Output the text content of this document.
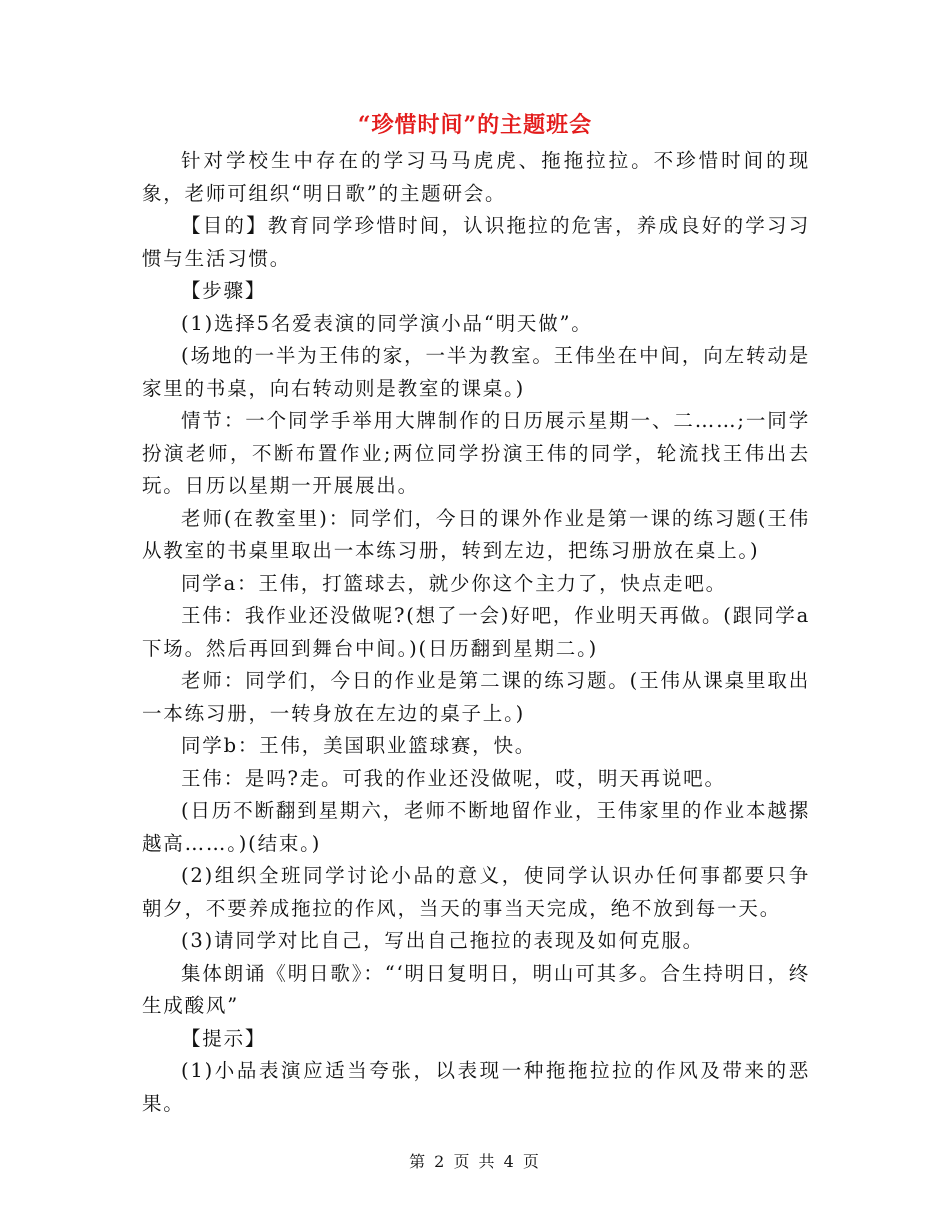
“珍惜时间”的主题班会

针对学校生中存在的学习马马虎虎、拖拖拉拉。不珍惜时间的现象，老师可组织“明日歌”的主题研会。

【目的】教育同学珍惜时间，认识拖拉的危害，养成良好的学习习惯与生活习惯。

【步骤】

(1)选择5名爱表演的同学演小品“明天做”。

(场地的一半为王伟的家，一半为教室。王伟坐在中间，向左转动是家里的书桌，向右转动则是教室的课桌。)

情节：一个同学手举用大牌制作的日历展示星期一、二……;一同学扮演老师，不断布置作业;两位同学扮演王伟的同学，轮流找王伟出去玩。日历以星期一开展展出。

老师(在教室里)：同学们，今日的课外作业是第一课的练习题(王伟从教室的书桌里取出一本练习册，转到左边，把练习册放在桌上。)

同学a：王伟，打篮球去，就少你这个主力了，快点走吧。

王伟：我作业还没做呢?(想了一会)好吧，作业明天再做。(跟同学a下场。然后再回到舞台中间。)(日历翻到星期二。)

老师：同学们，今日的作业是第二课的练习题。(王伟从课桌里取出一本练习册，一转身放在左边的桌子上。)

同学b：王伟，美国职业篮球赛，快。

王伟：是吗?走。可我的作业还没做呢，哎，明天再说吧。

(日历不断翻到星期六，老师不断地留作业，王伟家里的作业本越摞越高……。)(结束。)

(2)组织全班同学讨论小品的意义，使同学认识办任何事都要只争朝夕，不要养成拖拉的作风，当天的事当天完成，绝不放到每一天。

(3)请同学对比自己，写出自己拖拉的表现及如何克服。

集体朗诵《明日歌》：“‘明日复明日，明山可其多。合生持明日，终生成酸风”

【提示】

(1)小品表演应适当夸张，以表现一种拖拖拉拉的作风及带来的恶果。

第 2 页 共 4 页
